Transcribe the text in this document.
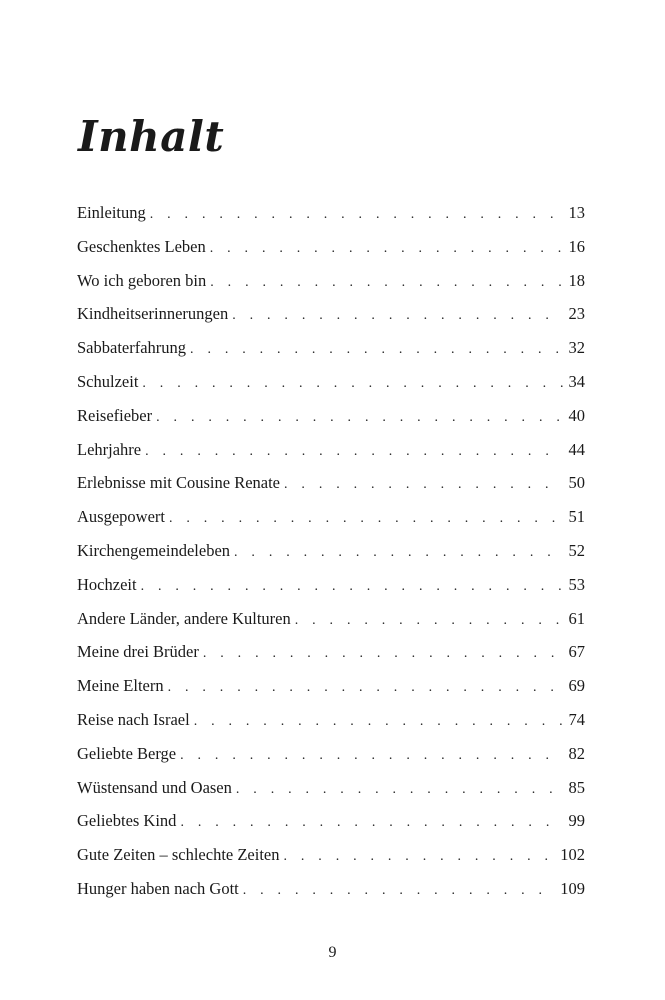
Inhalt
Einleitung . . .	13
Geschenktes Leben . . .	16
Wo ich geboren bin . . .	18
Kindheitserinnerungen . . .	23
Sabbaterfahrung . . .	32
Schulzeit . . .	34
Reisefieber . . .	40
Lehrjahre . . .	44
Erlebnisse mit Cousine Renate . . .	50
Ausgepowert . . .	51
Kirchengemeindeleben . . .	52
Hochzeit . . .	53
Andere Länder, andere Kulturen . . .	61
Meine drei Brüder . . .	67
Meine Eltern . . .	69
Reise nach Israel . . .	74
Geliebte Berge . . .	82
Wüstensand und Oasen . . .	85
Geliebtes Kind . . .	99
Gute Zeiten – schlechte Zeiten . . .	102
Hunger haben nach Gott . . .	109
9
